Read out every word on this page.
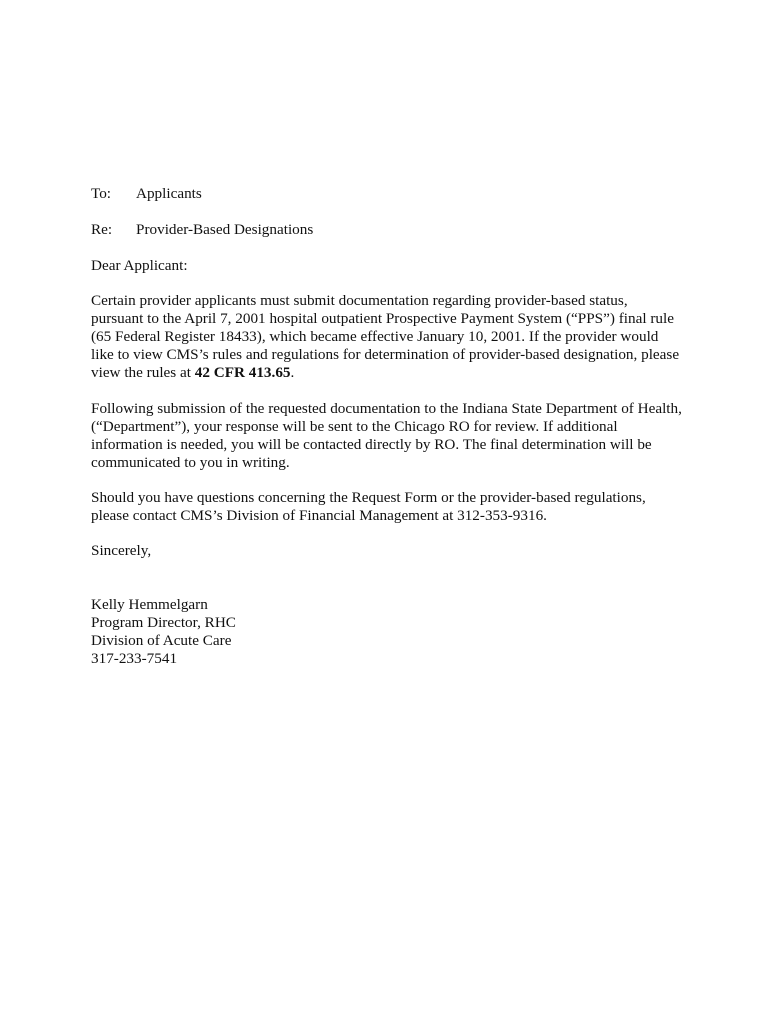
To:	Applicants
Re:	Provider-Based Designations
Dear Applicant:
Certain provider applicants must submit documentation regarding provider-based status,
pursuant to the April 7, 2001 hospital outpatient Prospective Payment System (“PPS”) final rule
(65 Federal Register 18433), which became effective January 10, 2001. If the provider would
like to view CMS’s rules and regulations for determination of provider-based designation, please
view the rules at 42 CFR 413.65.
Following submission of the requested documentation to the Indiana State Department of Health,
(“Department”), your response will be sent to the Chicago RO for review. If additional
information is needed, you will be contacted directly by RO. The final determination will be
communicated to you in writing.
Should you have questions concerning the Request Form or the provider-based regulations,
please contact CMS’s Division of Financial Management at 312-353-9316.
Sincerely,
Kelly Hemmelgarn
Program Director, RHC
Division of Acute Care
317-233-7541
